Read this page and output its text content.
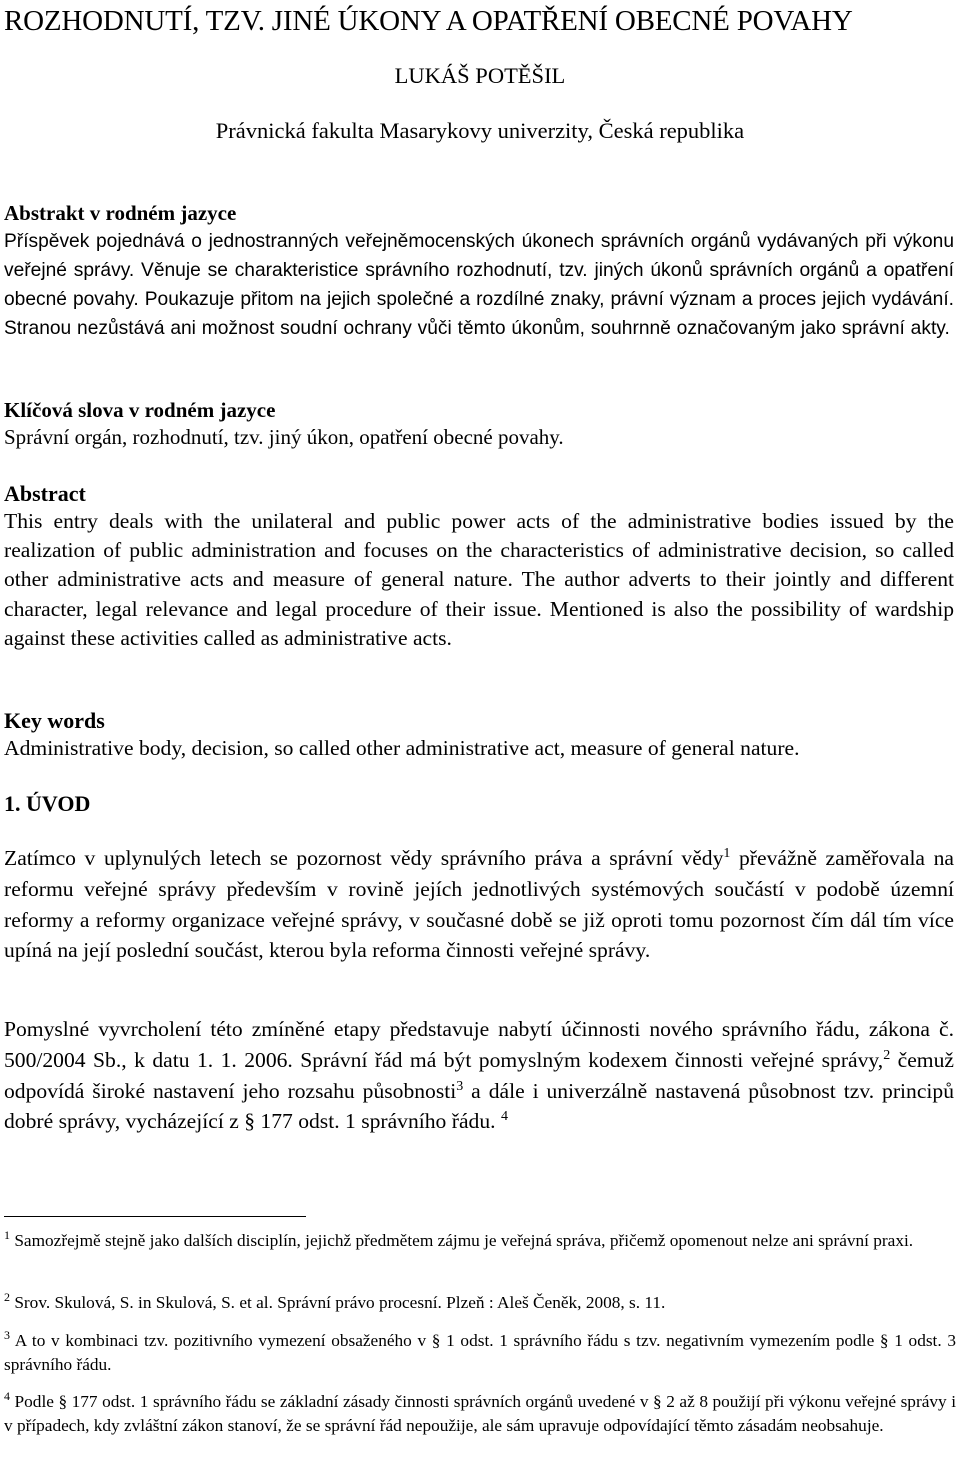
ROZHODNUTÍ, TZV. JINÉ ÚKONY A OPATŘENÍ OBECNÉ POVAHY

LUKÁŠ POTĚŠIL

Právnická fakulta Masarykovy univerzity, Česká republika

Abstrakt v rodném jazyce

Příspěvek pojednává o jednostranných veřejněmocenských úkonech správních orgánů vydávaných při výkonu veřejné správy. Věnuje se charakteristice správního rozhodnutí, tzv. jiných úkonů správních orgánů a opatření obecné povahy. Poukazuje přitom na jejich společné a rozdílné znaky, právní význam a proces jejich vydávání. Stranou nezůstává ani možnost soudní ochrany vůči těmto úkonům, souhrnně označovaným jako správní akty.

Klíčová slova v rodném jazyce

Správní orgán, rozhodnutí, tzv. jiný úkon, opatření obecné povahy.

Abstract

This entry deals with the unilateral and public power acts of the administrative bodies issued by the realization of public administration and focuses on the characteristics of administrative decision, so called other administrative acts and measure of general nature. The author adverts to their jointly and different character, legal relevance and legal procedure of their issue. Mentioned is also the possibility of wardship against these activities called as administrative acts.

Key words

Administrative body, decision, so called other administrative act, measure of general nature.

1. ÚVOD

Zatímco v uplynulých letech se pozornost vědy správního práva a správní vědy$^1$ převážně zaměřovala na reformu veřejné správy především v rovině jejích jednotlivých systémových součástí v podobě územní reformy a reformy organizace veřejné správy, v současné době se již oproti tomu pozornost čím dál tím více upíná na její poslední součást, kterou byla reforma činnosti veřejné správy.

Pomyslné vyvrcholení této zmíněné etapy představuje nabytí účinnosti nového správního řádu, zákona č. 500/2004 Sb., k datu 1. 1. 2006. Správní řád má být pomyslným kodexem činnosti veřejné správy,$^2$ čemuž odpovídá široké nastavení jeho rozsahu působnosti$^3$ a dále i univerzálně nastavená působnost tzv. principů dobré správy, vycházející z § 177 odst. 1 správního řádu. $^4$

$^1$ Samozřejmě stejně jako dalších disciplín, jejichž předmětem zájmu je veřejná správa, přičemž opomenout nelze ani správní praxi.

$^2$ Srov. Skulová, S. in Skulová, S. et al. Správní právo procesní. Plzeň : Aleš Čeněk, 2008, s. 11.

$^3$ A to v kombinaci tzv. pozitivního vymezení obsaženého v § 1 odst. 1 správního řádu s tzv. negativním vymezením podle § 1 odst. 3 správního řádu.

$^4$ Podle § 177 odst. 1 správního řádu se základní zásady činnosti správních orgánů uvedené v § 2 až 8 použijí při výkonu veřejné správy i v případech, kdy zvláštní zákon stanoví, že se správní řád nepoužije, ale sám upravuje odpovídající těmto zásadám neobsahuje.
